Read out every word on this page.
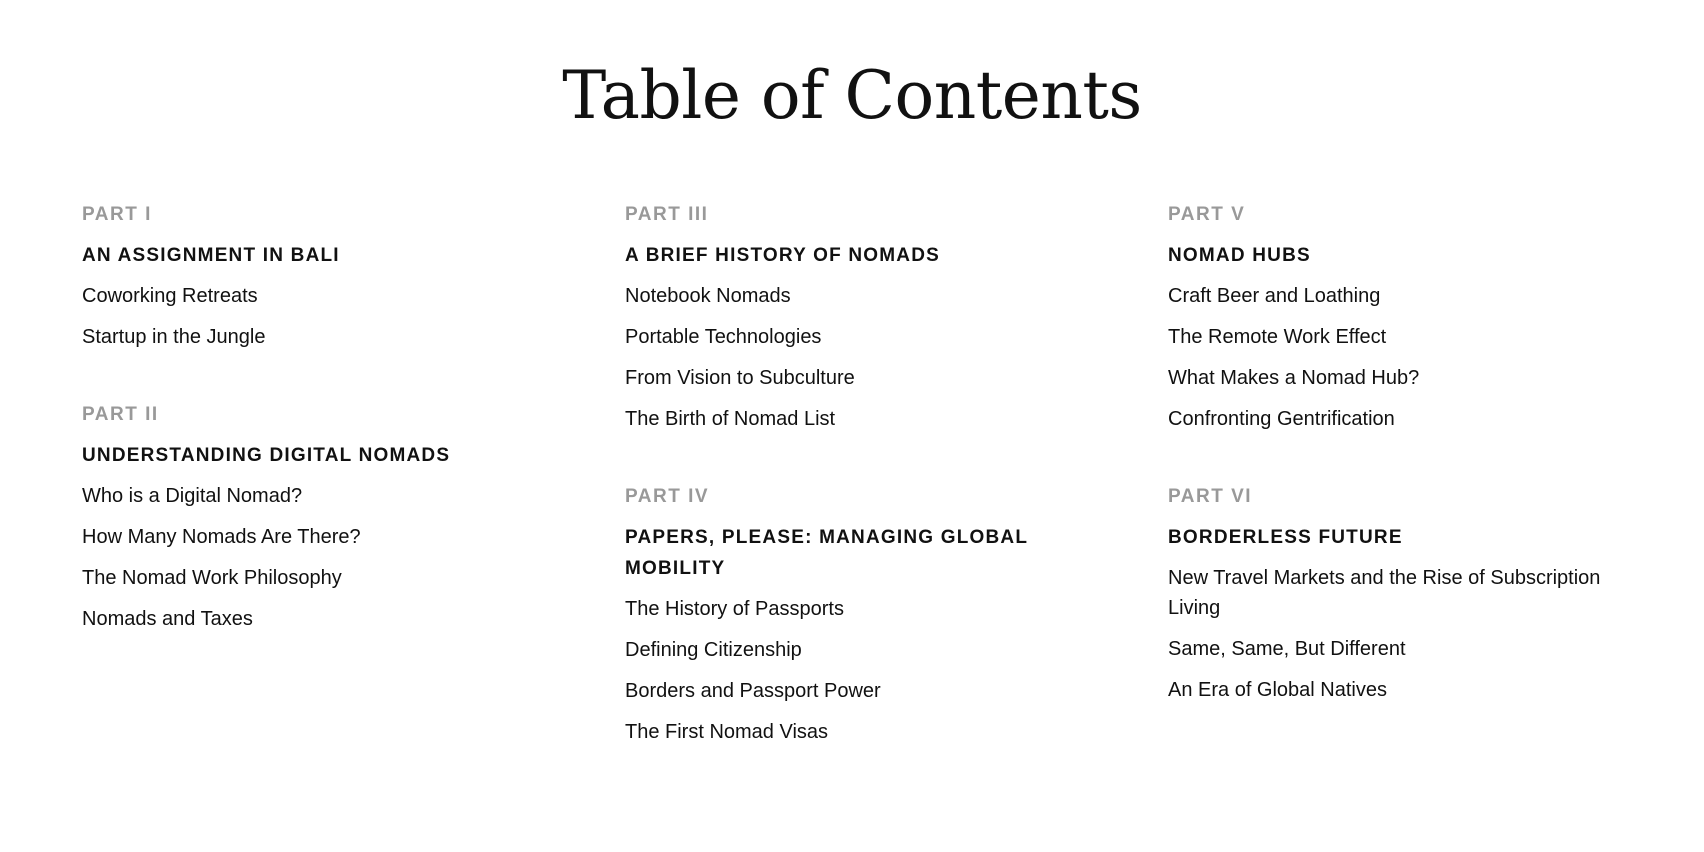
Table of Contents
PART I
AN ASSIGNMENT IN BALI
Coworking Retreats
Startup in the Jungle
PART II
UNDERSTANDING DIGITAL NOMADS
Who is a Digital Nomad?
How Many Nomads Are There?
The Nomad Work Philosophy
Nomads and Taxes
PART III
A BRIEF HISTORY OF NOMADS
Notebook Nomads
Portable Technologies
From Vision to Subculture
The Birth of Nomad List
PART IV
PAPERS, PLEASE: MANAGING GLOBAL MOBILITY
The History of Passports
Defining Citizenship
Borders and Passport Power
The First Nomad Visas
PART V
NOMAD HUBS
Craft Beer and Loathing
The Remote Work Effect
What Makes a Nomad Hub?
Confronting Gentrification
PART VI
BORDERLESS FUTURE
New Travel Markets and the Rise of Subscription Living
Same, Same, But Different
An Era of Global Natives
